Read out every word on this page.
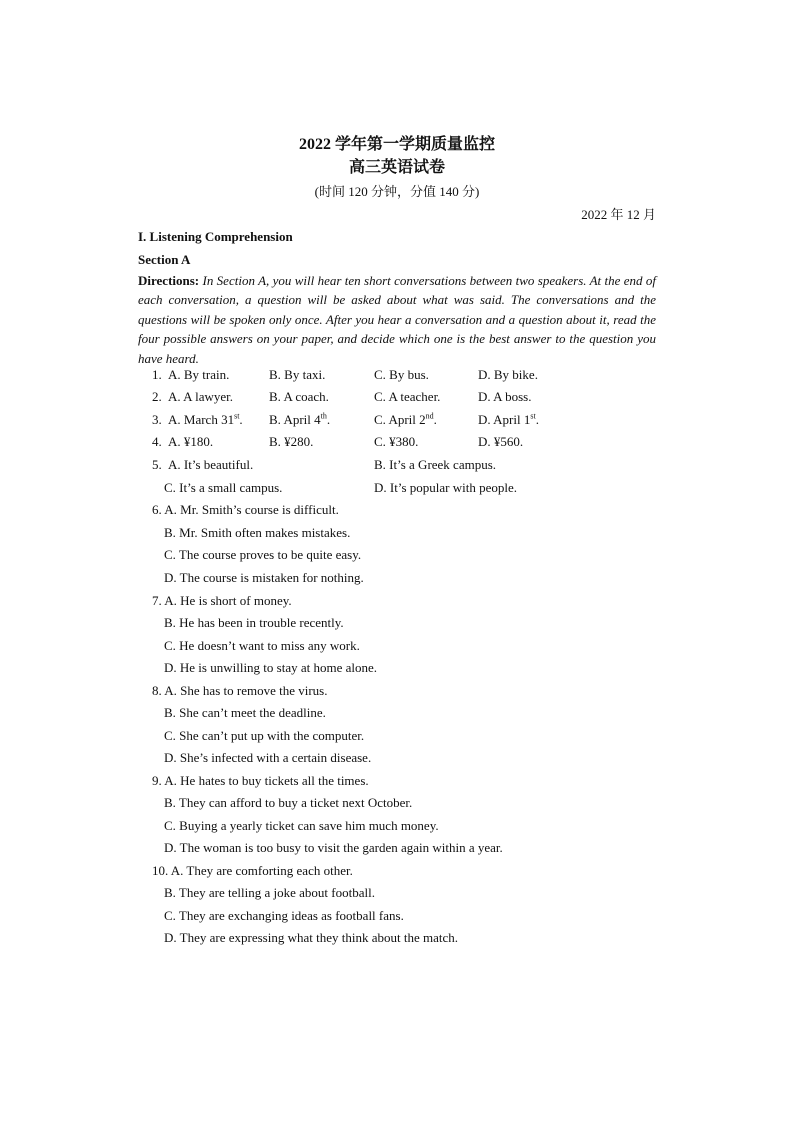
2022 学年第一学期质量监控
高三英语试卷
(时间 120 分钟，分值 140 分)
2022 年 12 月
I. Listening Comprehension
Section A
Directions: In Section A, you will hear ten short conversations between two speakers. At the end of each conversation, a question will be asked about what was said. The conversations and the questions will be spoken only once. After you hear a conversation and a question about it, read the four possible answers on your paper, and decide which one is the best answer to the question you have heard.
1. A. By train.	B. By taxi.	C. By bus.	D. By bike.
2. A. A lawyer.	B. A coach.	C. A teacher.	D. A boss.
3. A. March 31st. B. April 4th.	C. April 2nd.	D. April 1st.
4. A. ¥180.	B. ¥280.	C. ¥380.	D. ¥560.
5. A. It’s beautiful.	B. It’s a Greek campus.
C. It’s a small campus.	D. It’s popular with people.
6. A. Mr. Smith’s course is difficult.
B. Mr. Smith often makes mistakes.
C. The course proves to be quite easy.
D. The course is mistaken for nothing.
7. A. He is short of money.
B. He has been in trouble recently.
C. He doesn’t want to miss any work.
D. He is unwilling to stay at home alone.
8. A. She has to remove the virus.
B. She can’t meet the deadline.
C. She can’t put up with the computer.
D. She’s infected with a certain disease.
9. A. He hates to buy tickets all the times.
B. They can afford to buy a ticket next October.
C. Buying a yearly ticket can save him much money.
D. The woman is too busy to visit the garden again within a year.
10. A. They are comforting each other.
B. They are telling a joke about football.
C. They are exchanging ideas as football fans.
D. They are expressing what they think about the match.
